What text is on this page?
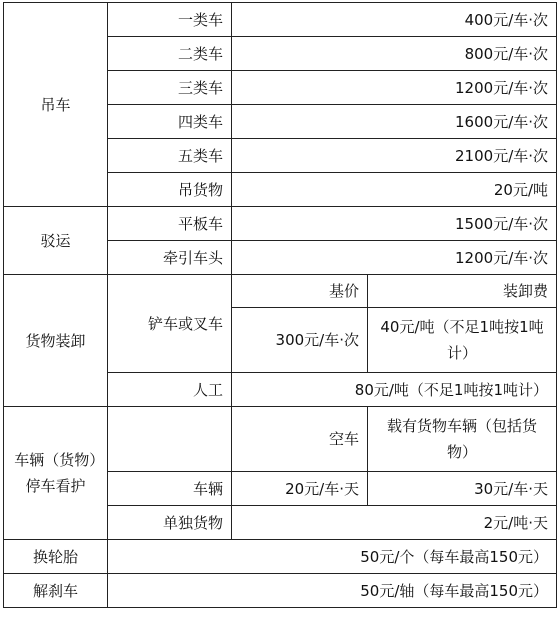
吊车	一类车	400元/车·次	
	二类车	800元/车·次	
	三类车	1200元/车·次	
	四类车	1600元/车·次	
	五类车	2100元/车·次	
	吊货物	20元/吨	
驳运	平板车	1500元/车·次	
	牵引车头	1200元/车·次	
货物装卸	铲车或叉车	基价	装卸费
		300元/车·次	40元/吨（不足1吨按1吨计）
	人工	80元/吨（不足1吨按1吨计）	
车辆（货物）停车看护		空车	载有货物车辆（包括货物）
	车辆	20元/车·天	30元/车·天
	单独货物	2元/吨·天	
换轮胎	50元/个（每车最高150元）		
解刹车	50元/轴（每车最高150元）		
